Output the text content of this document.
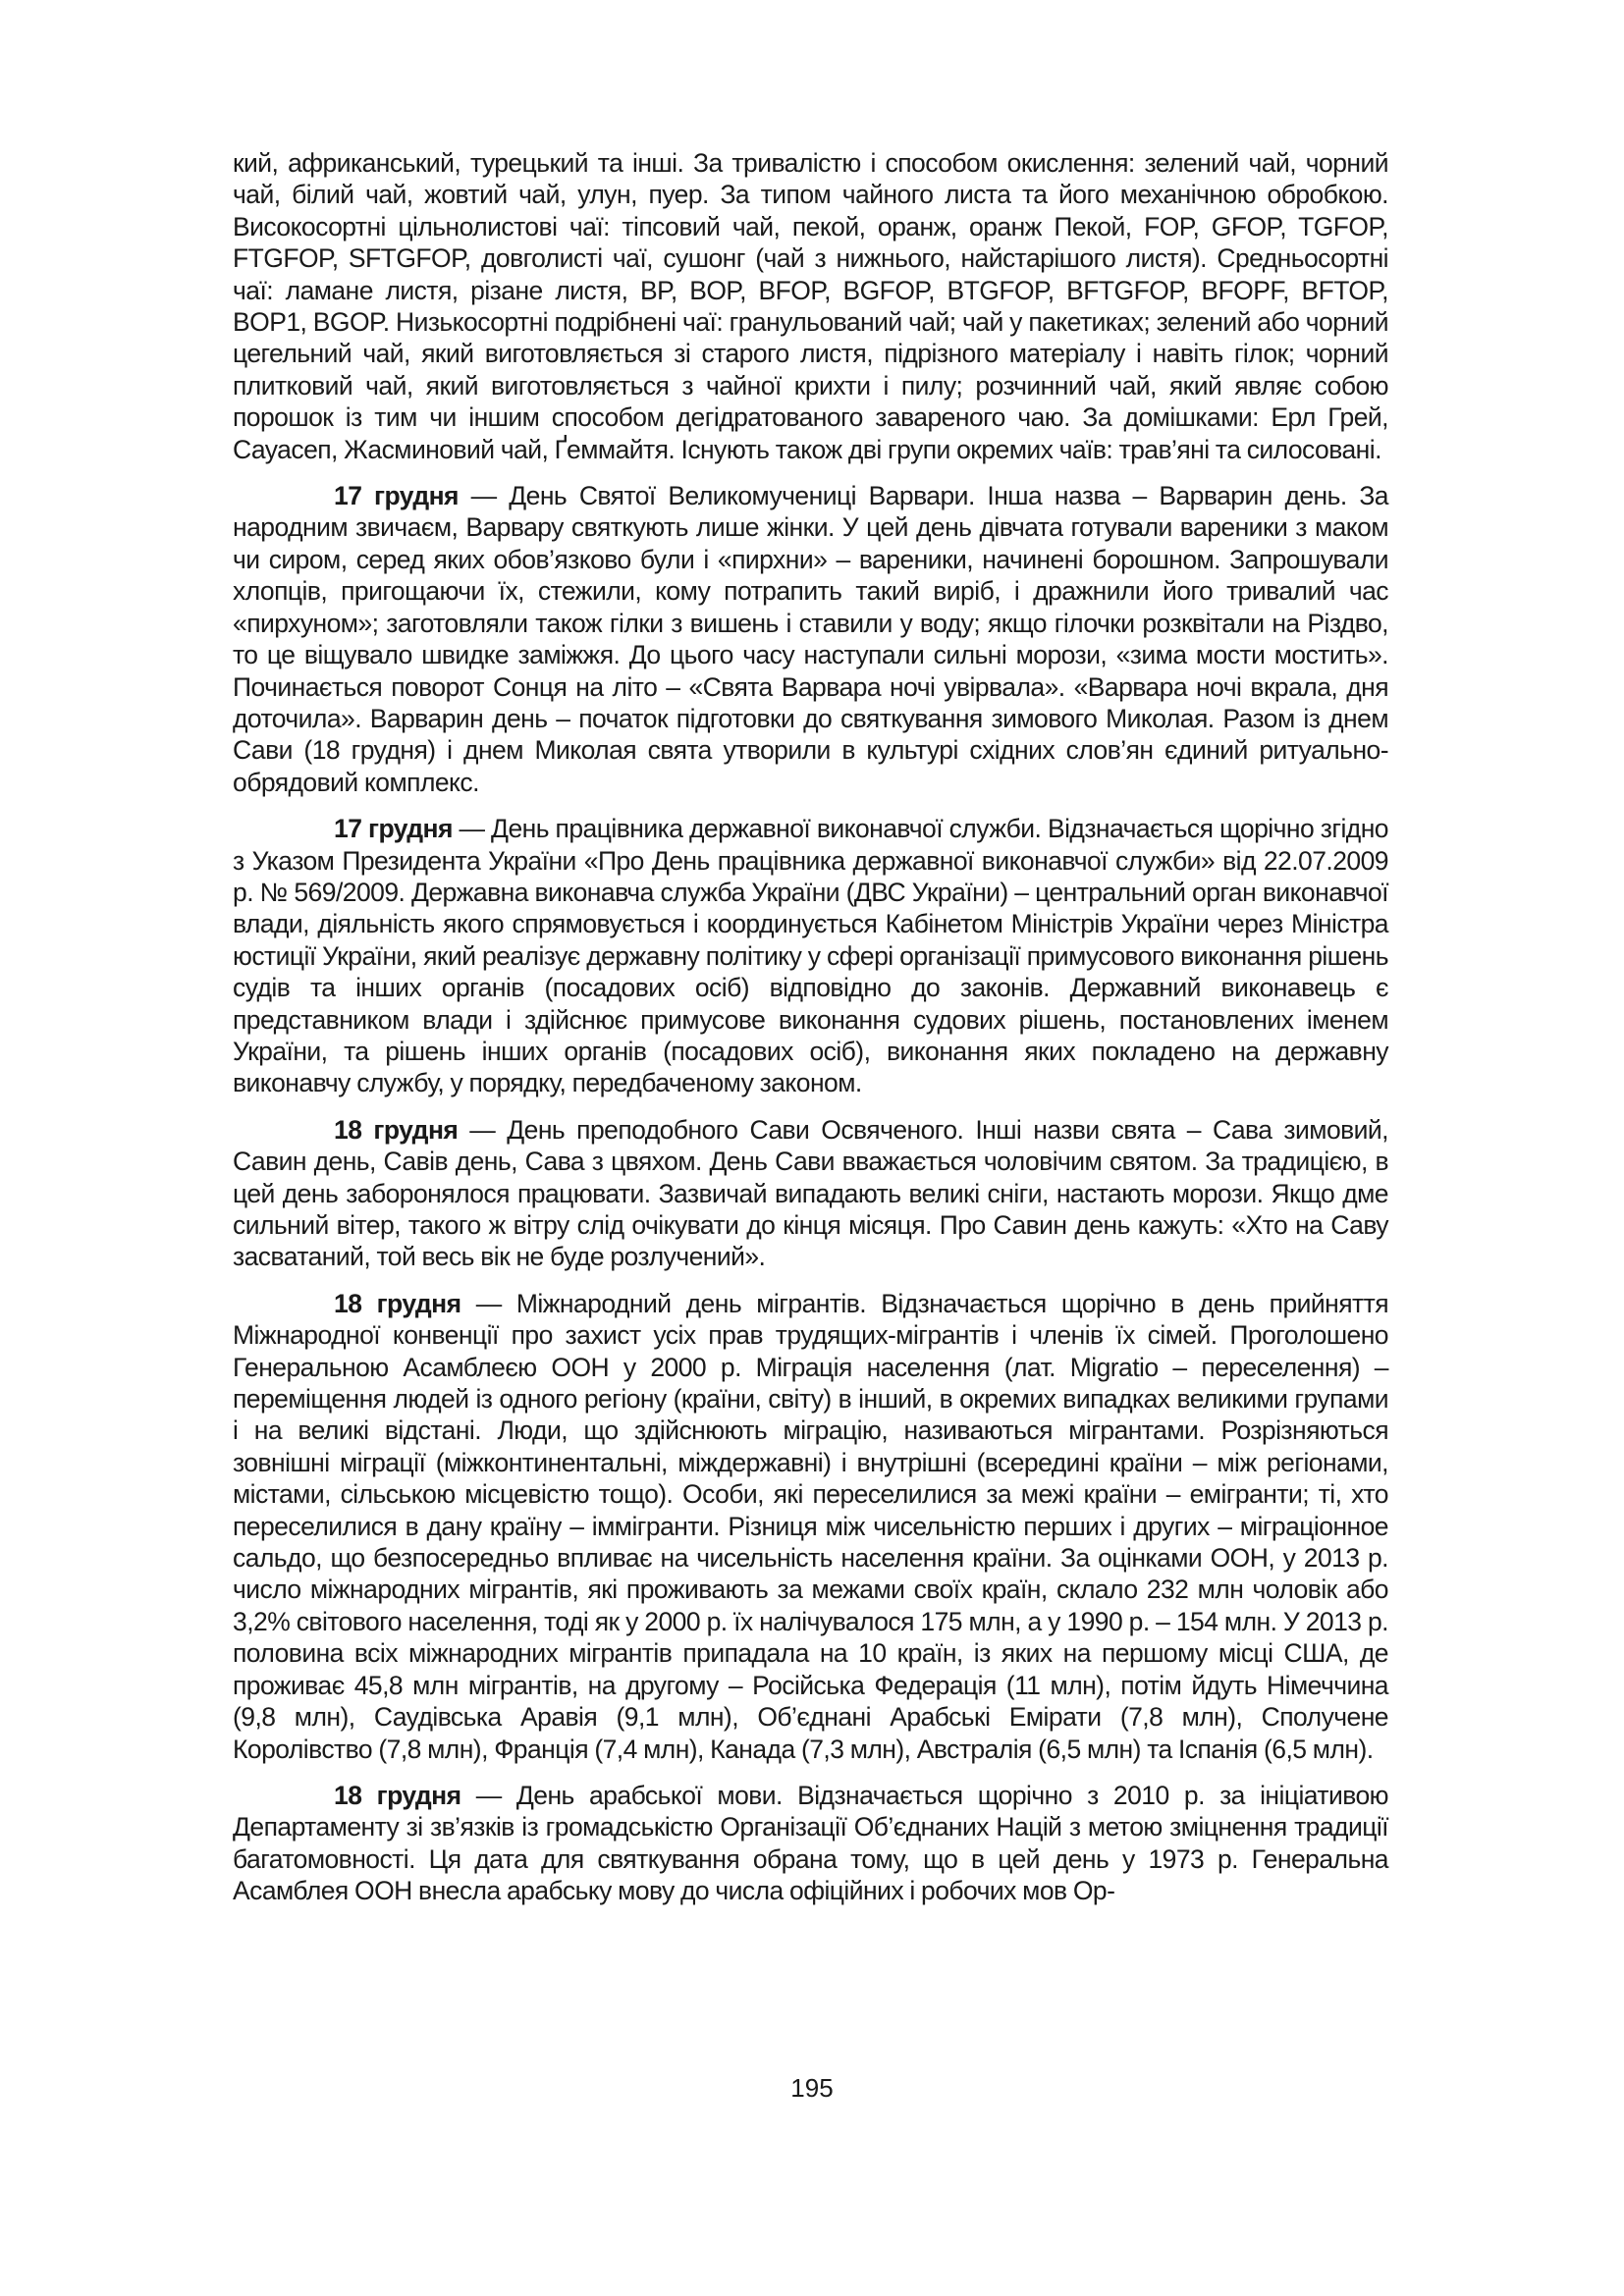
кий, африканський, турецький та інші. За тривалістю і способом окислення: зелений чай, чорний чай, білий чай, жовтий чай, улун, пуер. За типом чайного листа та його механічною обробкою. Високосортні цільнолистові чаї: тіпсовий чай, пекой, оранж, оранж Пекой, FOP, GFOP, TGFOP, FTGFOP, SFTGFOP, довголисті чаї, сушонг (чай з нижнього, найстарішого листя). Средньосортні чаї: ламане листя, різане листя, BP, BOP, BFOP, BGFOP, BTGFOP, BFTGFOP, BFOPF, BFTOP, BOP1, BGOP. Низькосортні подрібнені чаї: гранульований чай; чай у пакетиках; зелений або чорний цегельний чай, який виготовляється зі старого листя, підрізного матеріалу і навіть гілок; чорний плитковий чай, який виготовляється з чайної крихти і пилу; розчинний чай, який являє собою порошок із тим чи іншим способом дегідратованого завареного чаю. За домішками: Ерл Грей, Сауасеп, Жасминовий чай, Ґеммайтя. Існують також дві групи окремих чаїв: трав’яні та силосовані.

17 грудня — День Святої Великомучениці Варвари. Інша назва – Варварин день. За народним звичаєм, Варвару святкують лише жінки. У цей день дівчата готували вареники з маком чи сиром, серед яких обов’язково були і «пирхни» – вареники, начинені борошном. Запрошували хлопців, пригощаючи їх, стежили, кому потрапить такий виріб, і дражнили його тривалий час «пирхуном»; заготовляли також гілки з вишень і ставили у воду; якщо гілочки розквітали на Різдво, то це віщувало швидке заміжжя. До цього часу наступали сильні морози, «зима мости мостить». Починається поворот Сонця на літо – «Свята Варвара ночі увірвала». «Варвара ночі вкрала, дня доточила». Варварин день – початок підготовки до святкування зимового Миколая. Разом із днем Сави (18 грудня) і днем Миколая свята утворили в культурі східних слов’ян єдиний ритуально-обрядовий комплекс.

17 грудня — День працівника державної виконавчої служби. Відзначається щорічно згідно з Указом Президента України «Про День працівника державної виконавчої служби» від 22.07.2009 р. № 569/2009. Державна виконавча служба України (ДВС України) – центральний орган виконавчої влади, діяльність якого спрямовується і координується Кабінетом Міністрів України через Міністра юстиції України, який реалізує державну політику у сфері організації примусового виконання рішень судів та інших органів (посадових осіб) відповідно до законів. Державний виконавець є представником влади і здійснює примусове виконання судових рішень, постановлених іменем України, та рішень інших органів (посадових осіб), виконання яких покладено на державну виконавчу службу, у порядку, передбаченому законом.

18 грудня — День преподобного Сави Освяченого. Інші назви свята – Сава зимовий, Савин день, Савів день, Сава з цвяхом. День Сави вважається чоловічим святом. За традицією, в цей день заборонялося працювати. Зазвичай випадають великі сніги, настають морози. Якщо дме сильний вітер, такого ж вітру слід очікувати до кінця місяця. Про Савин день кажуть: «Хто на Саву засватаний, той весь вік не буде розлучений».

18 грудня — Міжнародний день мігрантів. Відзначається щорічно в день прийняття Міжнародної конвенції про захист усіх прав трудящих-мігрантів і членів їх сімей. Проголошено Генеральною Асамблеєю ООН у 2000 р. Міграція населення (лат. Migratio – переселення) – переміщення людей із одного регіону (країни, світу) в інший, в окремих випадках великими групами і на великі відстані. Люди, що здійснюють міграцію, називаються мігрантами. Розрізняються зовнішні міграції (міжконтинентальні, міждержавні) і внутрішні (всередині країни – між регіонами, містами, сільською місцевістю тощо). Особи, які переселилися за межі країни – емігранти; ті, хто переселилися в дану країну – іммігранти. Різниця між чисельністю перших і других – міграціонное сальдо, що безпосередньо впливає на чисельність населення країни. За оцінками ООН, у 2013 р. число міжнародних мігрантів, які проживають за межами своїх країн, склало 232 млн чоловік або 3,2% світового населення, тоді як у 2000 р. їх налічувалося 175 млн, а у 1990 р. – 154 млн. У 2013 р. половина всіх міжнародних мігрантів припадала на 10 країн, із яких на першому місці США, де проживає 45,8 млн мігрантів, на другому – Російська Федерація (11 млн), потім йдуть Німеччина (9,8 млн), Саудівська Аравія (9,1 млн), Об’єднані Арабські Емірати (7,8 млн), Сполучене Королівство (7,8 млн), Франція (7,4 млн), Канада (7,3 млн), Австралія (6,5 млн) та Іспанія (6,5 млн).

18 грудня — День арабської мови. Відзначається щорічно з 2010 р. за ініціативою Департаменту зі зв’язків із громадськістю Організації Об’єднаних Націй з метою зміцнення традиції багатомовності. Ця дата для святкування обрана тому, що в цей день у 1973 р. Генеральна Асамблея ООН внесла арабську мову до числа офіційних і робочих мов Ор-

195
